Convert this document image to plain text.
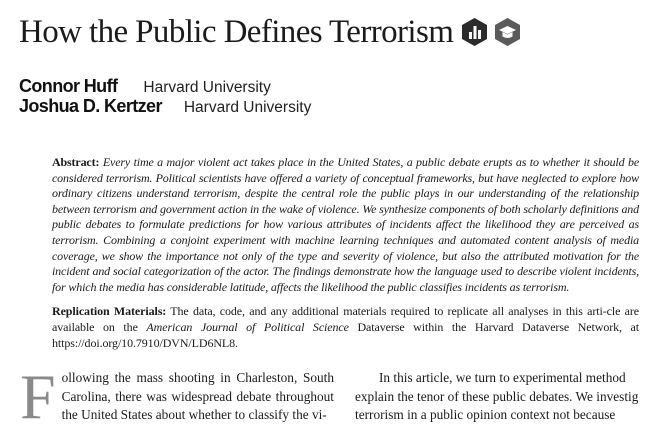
How the Public Defines Terrorism
Connor Huff Harvard University
Joshua D. Kertzer Harvard University
Abstract: Every time a major violent act takes place in the United States, a public debate erupts as to whether it should be considered terrorism. Political scientists have offered a variety of conceptual frameworks, but have neglected to explore how ordinary citizens understand terrorism, despite the central role the public plays in our understanding of the relationship between terrorism and government action in the wake of violence. We synthesize components of both scholarly definitions and public debates to formulate predictions for how various attributes of incidents affect the likelihood they are perceived as terrorism. Combining a conjoint experiment with machine learning techniques and automated content analysis of media coverage, we show the importance not only of the type and severity of violence, but also the attributed motivation for the incident and social categorization of the actor. The findings demonstrate how the language used to describe violent incidents, for which the media has considerable latitude, affects the likelihood the public classifies incidents as terrorism.
Replication Materials: The data, code, and any additional materials required to replicate all analyses in this arti-cle are available on the American Journal of Political Science Dataverse within the Harvard Dataverse Network, at https://doi.org/10.7910/DVN/LD6NL8.
F ollowing the mass shooting in Charleston, South Carolina, there was widespread debate throughout the United States about whether to classify the vi-
In this article, we turn to experimental method
explain the tenor of these public debates. We investig
terrorism in a public opinion context not because
